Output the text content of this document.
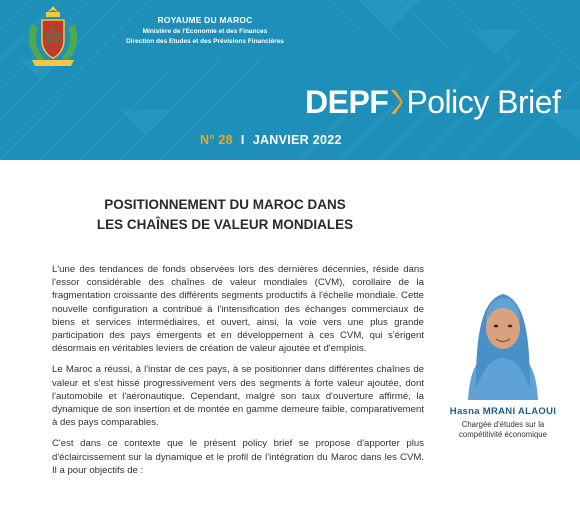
ROYAUME DU MAROC
Ministère de l'Economie et des Finances
Direction des Etudes et des Prévisions Financières
DEPF Policy Brief
N° 28 I JANVIER 2022
POSITIONNEMENT DU MAROC DANS
LES CHAÎNES DE VALEUR MONDIALES

L'une des tendances de fonds observées lors des dernières décennies, réside dans l'essor considérable des chaînes de valeur mondiales (CVM), corollaire de la fragmentation croissante des différents segments productifs à l'échelle mondiale. Cette nouvelle configuration a contribué à l'intensification des échanges commerciaux de biens et services intermédiaires, et ouvert, ainsi, la voie vers une plus grande participation des pays émergents et en développement à ces CVM, qui s'érigent désormais en véritables leviers de création de valeur ajoutée et d'emplois.

Le Maroc a réussi, à l'instar de ces pays, à se positionner dans différentes chaînes de valeur et s'est hissé progressivement vers des segments à forte valeur ajoutée, dont l'automobile et l'aéronautique. Cependant, malgré son taux d'ouverture affirmé, la dynamique de son insertion et de montée en gamme demeure faible, comparativement à des pays comparables.

C'est dans ce contexte que le présent policy brief se propose d'apporter plus d'éclaircissement sur la dynamique et le profil de l'intégration du Maroc dans les CVM. Il a pour objectifs de :

Hasna MRANI ALAOUI
Chargée d'études sur la
compétitivité économique
